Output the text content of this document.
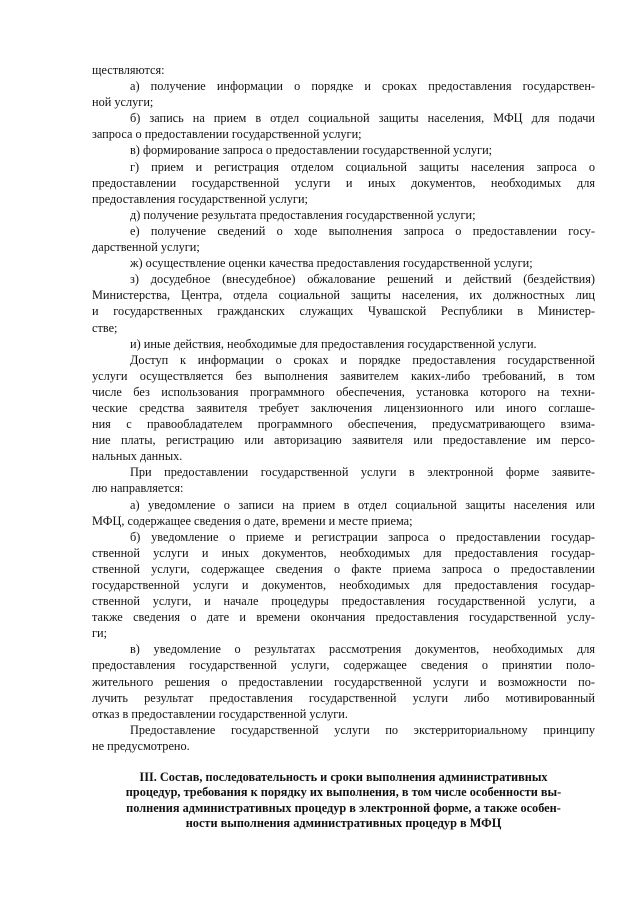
ществляются:
а) получение информации о порядке и сроках предоставления государствен-
ной услуги;
б) запись на прием в отдел социальной защиты населения, МФЦ для подачи
запроса о предоставлении государственной услуги;
в) формирование запроса о предоставлении государственной услуги;
г) прием и регистрация отделом социальной защиты населения запроса о
предоставлении государственной услуги и иных документов, необходимых для
предоставления государственной услуги;
д) получение результата предоставления государственной услуги;
е) получение сведений о ходе выполнения запроса о предоставлении госу-
дарственной услуги;
ж) осуществление оценки качества предоставления государственной услуги;
з) досудебное (внесудебное) обжалование решений и действий (бездействия)
Министерства, Центра, отдела социальной защиты населения, их должностных лиц
и государственных гражданских служащих Чувашской Республики в Министер-
стве;
и) иные действия, необходимые для предоставления государственной услуги.
Доступ к информации о сроках и порядке предоставления государственной
услуги осуществляется без выполнения заявителем каких-либо требований, в том
числе без использования программного обеспечения, установка которого на техни-
ческие средства заявителя требует заключения лицензионного или иного соглаше-
ния с правообладателем программного обеспечения, предусматривающего взима-
ние платы, регистрацию или авторизацию заявителя или предоставление им персо-
нальных данных.
При предоставлении государственной услуги в электронной форме заявите-
лю направляется:
а) уведомление о записи на прием в отдел социальной защиты населения или
МФЦ, содержащее сведения о дате, времени и месте приема;
б) уведомление о приеме и регистрации запроса о предоставлении государ-
ственной услуги и иных документов, необходимых для предоставления государ-
ственной услуги, содержащее сведения о факте приема запроса о предоставлении
государственной услуги и документов, необходимых для предоставления государ-
ственной услуги, и начале процедуры предоставления государственной услуги, а
также сведения о дате и времени окончания предоставления государственной услу-
ги;
в) уведомление о результатах рассмотрения документов, необходимых для
предоставления государственной услуги, содержащее сведения о принятии поло-
жительного решения о предоставлении государственной услуги и возможности по-
лучить результат предоставления государственной услуги либо мотивированный
отказ в предоставлении государственной услуги.
Предоставление государственной услуги по экстерриториальному принципу
не предусмотрено.
III. Состав, последовательность и сроки выполнения административных
процедур, требования к порядку их выполнения, в том числе особенности вы-
полнения административных процедур в электронной форме, а также особен-
ности выполнения административных процедур в МФЦ
